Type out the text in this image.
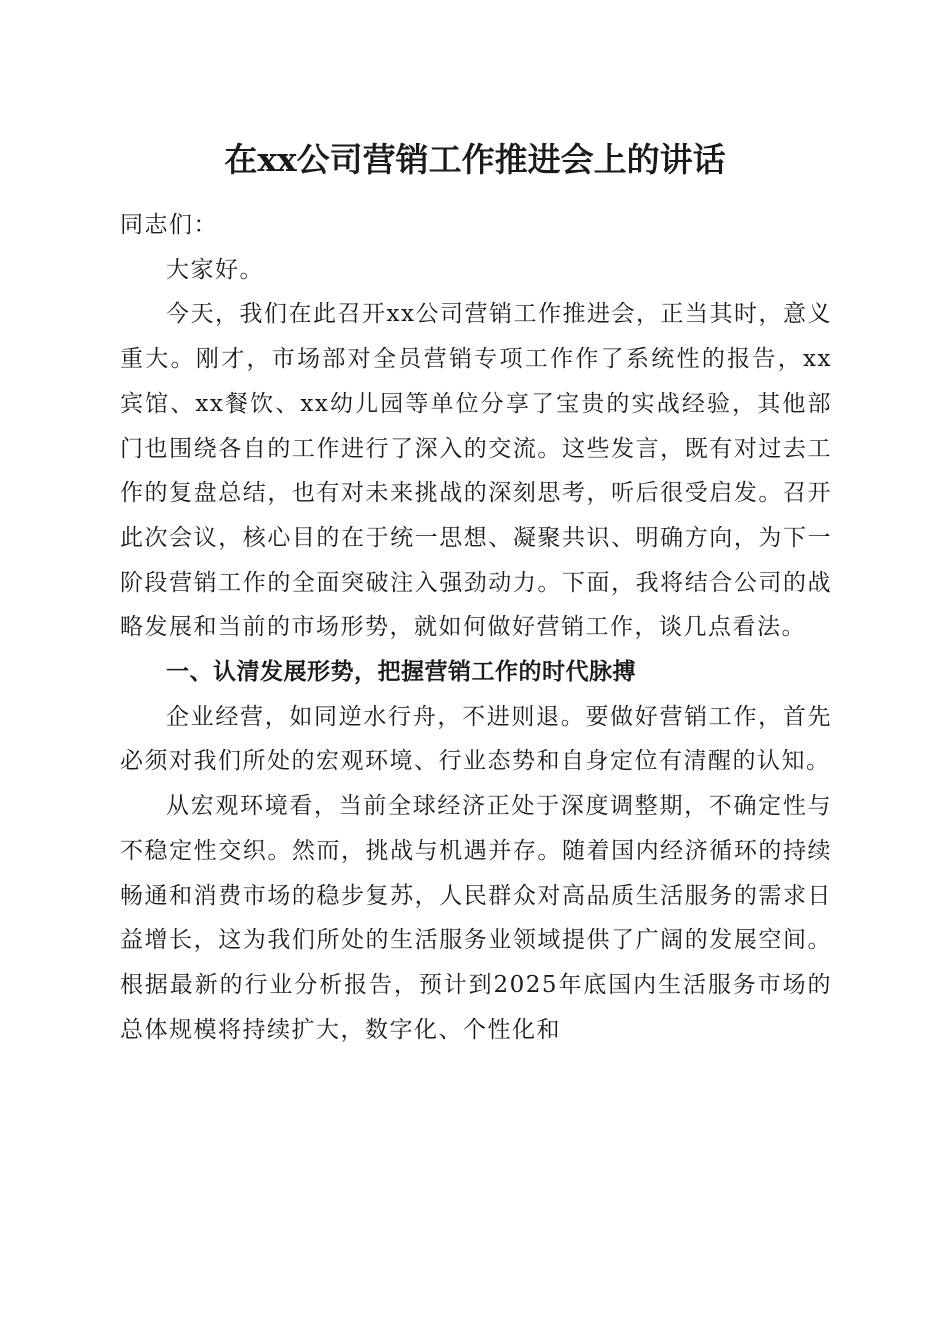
在xx公司营销工作推进会上的讲话

同志们：

大家好。

今天，我们在此召开xx公司营销工作推进会，正当其时，意义重大。刚才，市场部对全员营销专项工作作了系统性的报告，xx宾馆、xx餐饮、xx幼儿园等单位分享了宝贵的实战经验，其他部门也围绕各自的工作进行了深入的交流。这些发言，既有对过去工作的复盘总结，也有对未来挑战的深刻思考，听后很受启发。召开此次会议，核心目的在于统一思想、凝聚共识、明确方向，为下一阶段营销工作的全面突破注入强劲动力。下面，我将结合公司的战略发展和当前的市场形势，就如何做好营销工作，谈几点看法。

一、认清发展形势，把握营销工作的时代脉搏

企业经营，如同逆水行舟，不进则退。要做好营销工作，首先必须对我们所处的宏观环境、行业态势和自身定位有清醒的认知。

从宏观环境看，当前全球经济正处于深度调整期，不确定性与不稳定性交织。然而，挑战与机遇并存。随着国内经济循环的持续畅通和消费市场的稳步复苏，人民群众对高品质生活服务的需求日益增长，这为我们所处的生活服务业领域提供了广阔的发展空间。根据最新的行业分析报告，预计到2025年底国内生活服务市场的总体规模将持续扩大，数字化、个性化和
